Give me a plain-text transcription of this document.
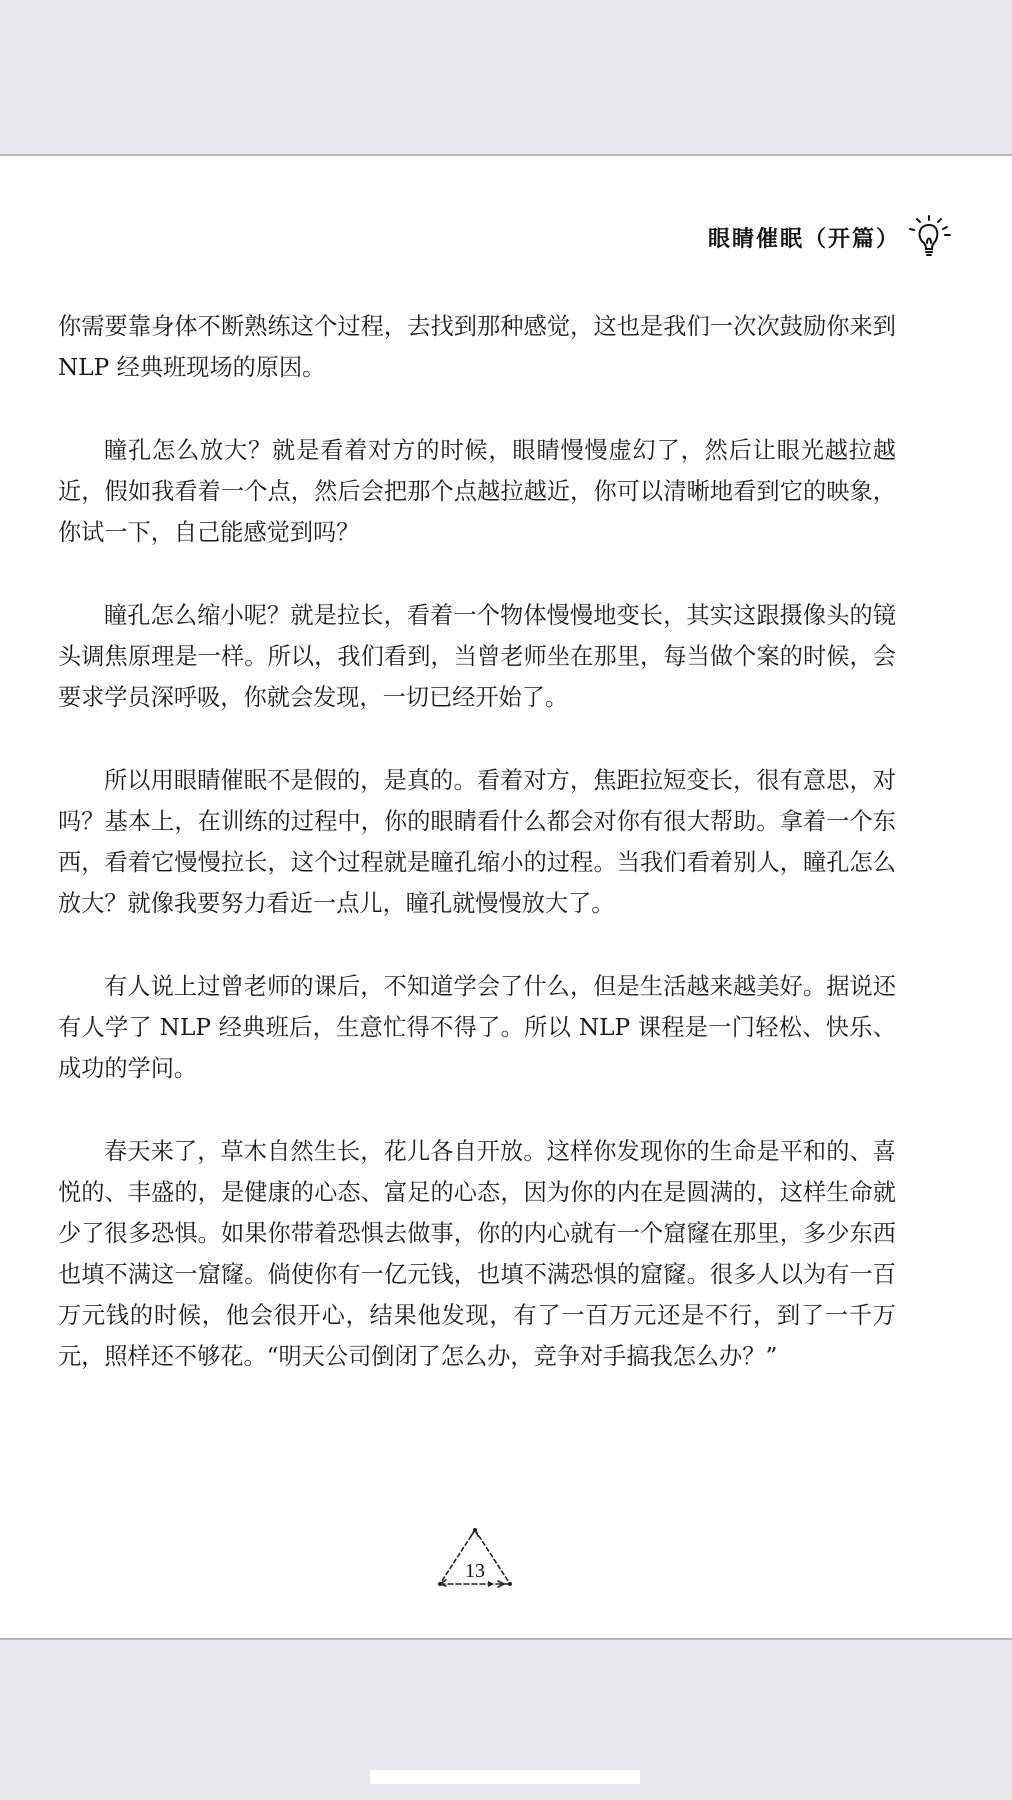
眼睛催眠（开篇）

你需要靠身体不断熟练这个过程，去找到那种感觉，这也是我们一次次鼓励你来到 NLP 经典班现场的原因。

瞳孔怎么放大？就是看着对方的时候，眼睛慢慢虚幻了，然后让眼光越拉越近，假如我看着一个点，然后会把那个点越拉越近，你可以清晰地看到它的映象，你试一下，自己能感觉到吗？

瞳孔怎么缩小呢？就是拉长，看着一个物体慢慢地变长，其实这跟摄像头的镜头调焦原理是一样。所以，我们看到，当曾老师坐在那里，每当做个案的时候，会要求学员深呼吸，你就会发现，一切已经开始了。

所以用眼睛催眠不是假的，是真的。看着对方，焦距拉短变长，很有意思，对吗？基本上，在训练的过程中，你的眼睛看什么都会对你有很大帮助。拿着一个东西，看着它慢慢拉长，这个过程就是瞳孔缩小的过程。当我们看着别人，瞳孔怎么放大？就像我要努力看近一点儿，瞳孔就慢慢放大了。

有人说上过曾老师的课后，不知道学会了什么，但是生活越来越美好。据说还有人学了 NLP 经典班后，生意忙得不得了。所以 NLP 课程是一门轻松、快乐、成功的学问。

春天来了，草木自然生长，花儿各自开放。这样你发现你的生命是平和的、喜悦的、丰盛的，是健康的心态、富足的心态，因为你的内在是圆满的，这样生命就少了很多恐惧。如果你带着恐惧去做事，你的内心就有一个窟窿在那里，多少东西也填不满这一窟窿。倘使你有一亿元钱，也填不满恐惧的窟窿。很多人以为有一百万元钱的时候，他会很开心，结果他发现，有了一百万元还是不行，到了一千万元，照样还不够花。“明天公司倒闭了怎么办，竞争对手搞我怎么办？”

13
